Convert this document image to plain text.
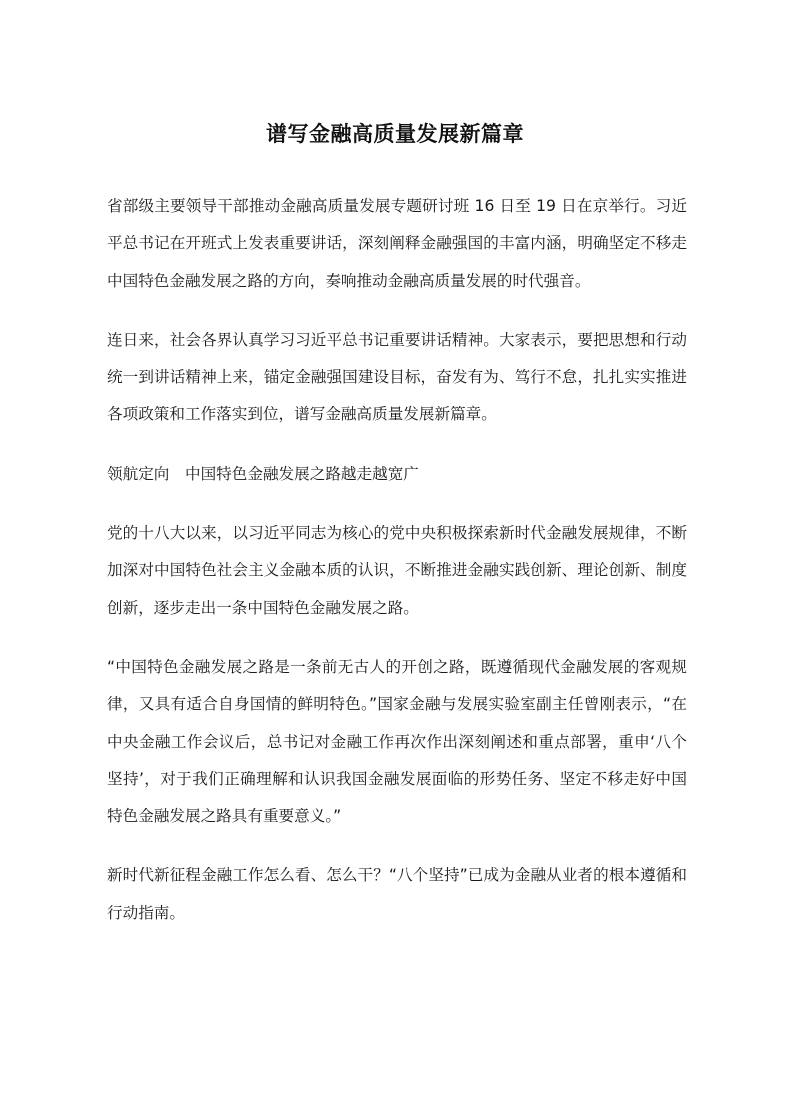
谱写金融高质量发展新篇章

省部级主要领导干部推动金融高质量发展专题研讨班 16 日至 19 日在京举行。习近平总书记在开班式上发表重要讲话，深刻阐释金融强国的丰富内涵，明确坚定不移走中国特色金融发展之路的方向，奏响推动金融高质量发展的时代强音。

连日来，社会各界认真学习习近平总书记重要讲话精神。大家表示，要把思想和行动统一到讲话精神上来，锚定金融强国建设目标，奋发有为、笃行不怠，扎扎实实推进各项政策和工作落实到位，谱写金融高质量发展新篇章。

领航定向　中国特色金融发展之路越走越宽广

党的十八大以来，以习近平同志为核心的党中央积极探索新时代金融发展规律，不断加深对中国特色社会主义金融本质的认识，不断推进金融实践创新、理论创新、制度创新，逐步走出一条中国特色金融发展之路。

“中国特色金融发展之路是一条前无古人的开创之路，既遵循现代金融发展的客观规律，又具有适合自身国情的鲜明特色。”国家金融与发展实验室副主任曾刚表示，“在中央金融工作会议后，总书记对金融工作再次作出深刻阐述和重点部署，重申‘八个坚持’，对于我们正确理解和认识我国金融发展面临的形势任务、坚定不移走好中国特色金融发展之路具有重要意义。”

新时代新征程金融工作怎么看、怎么干？“八个坚持”已成为金融从业者的根本遵循和行动指南。
